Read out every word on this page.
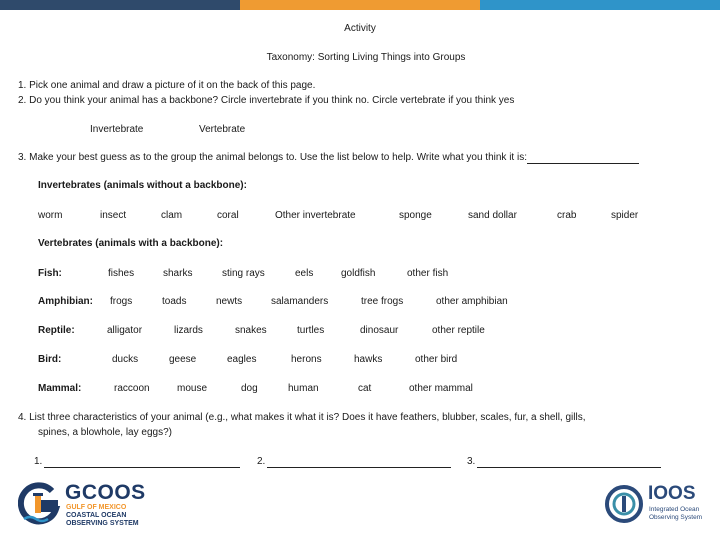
Activity
Taxonomy: Sorting Living Things into Groups
1. Pick one animal and draw a picture of it on the back of this page.
2. Do you think your animal has a backbone? Circle invertebrate if you think no. Circle vertebrate if you think yes
Invertebrate	Vertebrate
3. Make your best guess as to the group the animal belongs to. Use the list below to help. Write what you think it is:
Invertebrates (animals without a backbone):
worm	insect	clam	coral	Other invertebrate	sponge	sand dollar	crab	spider
Vertebrates (animals with a backbone):
Fish:	fishes	sharks	sting rays	eels	goldfish	other fish
Amphibian: frogs	toads	newts	salamanders	tree frogs	other amphibian
Reptile:	alligator	lizards	snakes	turtles	dinosaur	other reptile
Bird:	ducks	geese	eagles	herons	hawks	other bird
Mammal:	raccoon	mouse	dog	human	cat	other mammal
4. List three characteristics of your animal (e.g., what makes it what it is? Does it have feathers, blubber, scales, fur, a shell, gills,
spines, a blowhole, lay eggs?)
1.	2.	3.
GCOOS
GULF OF MEXICO
COASTAL OCEAN
OBSERVING SYSTEM
IOOS
Integrated Ocean
Observing System
